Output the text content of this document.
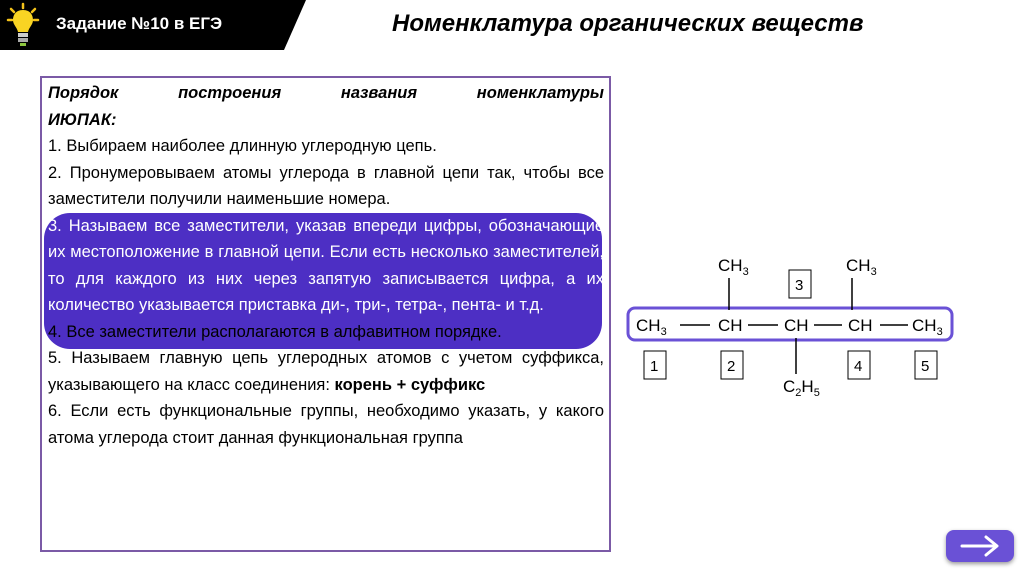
Задание №10 в ЕГЭ	Номенклатура органических веществ

Порядок построения названия номенклатуры

ИЮПАК:

1. Выбираем наиболее длинную углеродную цепь.

2. Пронумеровываем атомы углерода в главной цепи так, чтобы все заместители получили наименьшие номера.

3. Называем все заместители, указав впереди цифры, обозначающие их местоположение в главной цепи. Если есть несколько заместителей, то для каждого из них через запятую записывается цифра, а их количество указывается приставка ди-, три-, тетра-, пента- и т.д.

4. Все заместители располагаются в алфавитном порядке.

5. Называем главную цепь углеродных атомов с учетом суффикса, указывающего на класс соединения: корень + суффикс

6. Если есть функциональные группы, необходимо указать, у какого атома углерода стоит данная функциональная группа

$CH_3$	CH CH CH $CH_3$
$CH_3$	$CH_3$
$C_2H_5$
3
1	2	4	5
